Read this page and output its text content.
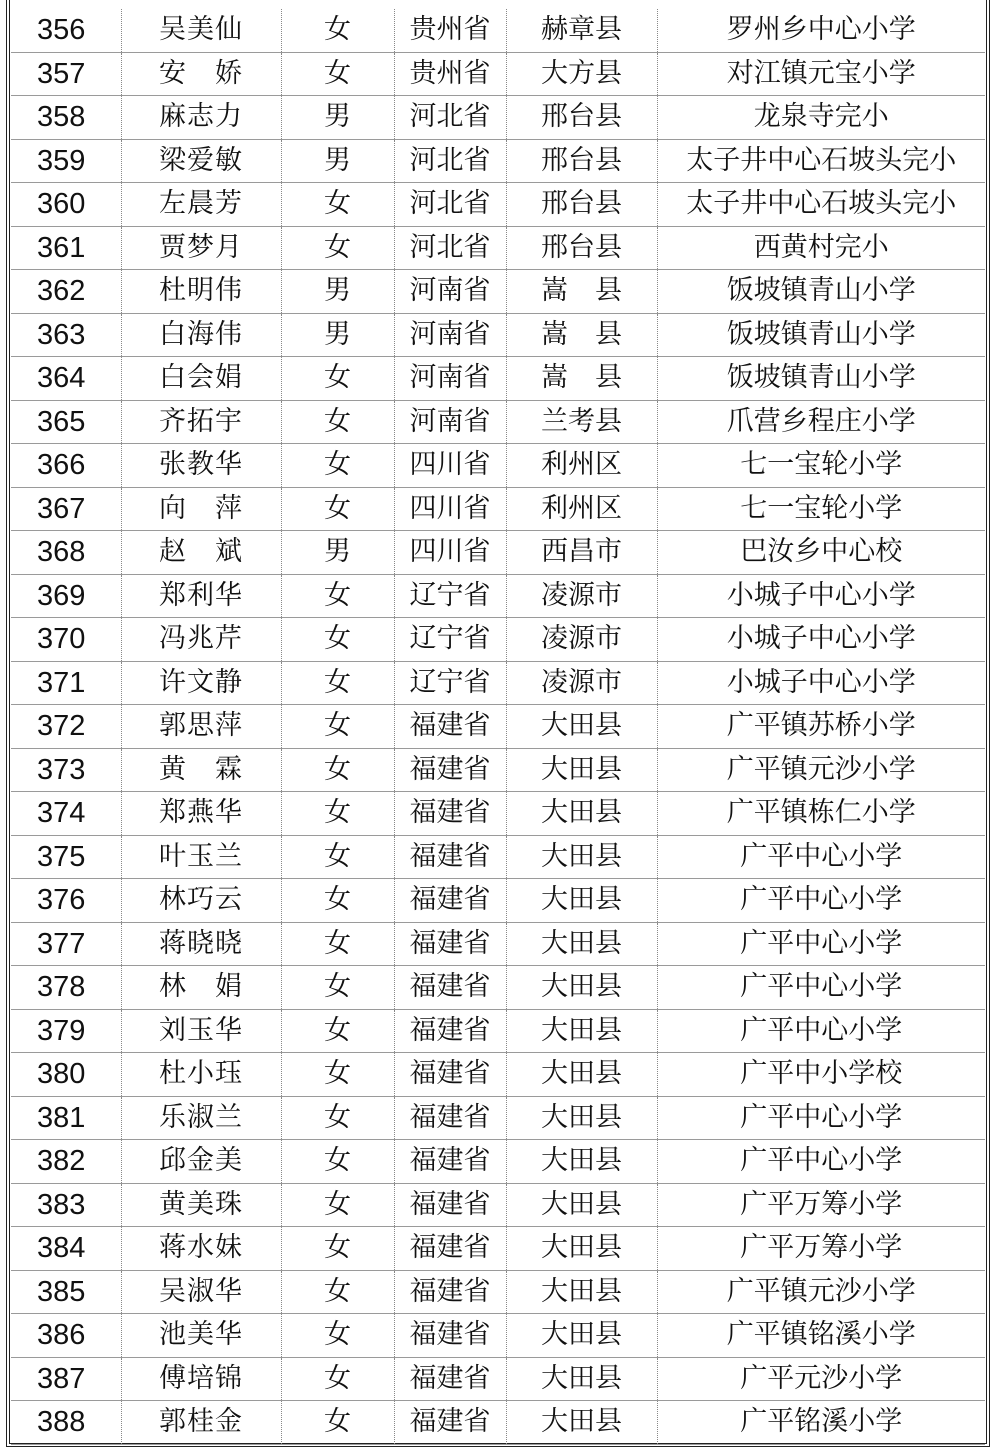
356	吴美仙	女	贵州省	赫章县	罗州乡中心小学
357	安　娇	女	贵州省	大方县	对江镇元宝小学
358	麻志力	男	河北省	邢台县	龙泉寺完小
359	梁爱敏	男	河北省	邢台县	太子井中心石坡头完小
360	左晨芳	女	河北省	邢台县	太子井中心石坡头完小
361	贾梦月	女	河北省	邢台县	西黄村完小
362	杜明伟	男	河南省	嵩　县	饭坡镇青山小学
363	白海伟	男	河南省	嵩　县	饭坡镇青山小学
364	白会娟	女	河南省	嵩　县	饭坡镇青山小学
365	齐拓宇	女	河南省	兰考县	爪营乡程庄小学
366	张教华	女	四川省	利州区	七一宝轮小学
367	向　萍	女	四川省	利州区	七一宝轮小学
368	赵　斌	男	四川省	西昌市	巴汝乡中心校
369	郑利华	女	辽宁省	凌源市	小城子中心小学
370	冯兆芹	女	辽宁省	凌源市	小城子中心小学
371	许文静	女	辽宁省	凌源市	小城子中心小学
372	郭思萍	女	福建省	大田县	广平镇苏桥小学
373	黄　霖	女	福建省	大田县	广平镇元沙小学
374	郑燕华	女	福建省	大田县	广平镇栋仁小学
375	叶玉兰	女	福建省	大田县	广平中心小学
376	林巧云	女	福建省	大田县	广平中心小学
377	蒋晓晓	女	福建省	大田县	广平中心小学
378	林　娟	女	福建省	大田县	广平中心小学
379	刘玉华	女	福建省	大田县	广平中心小学
380	杜小珏	女	福建省	大田县	广平中小学校
381	乐淑兰	女	福建省	大田县	广平中心小学
382	邱金美	女	福建省	大田县	广平中心小学
383	黄美珠	女	福建省	大田县	广平万筹小学
384	蒋水妹	女	福建省	大田县	广平万筹小学
385	吴淑华	女	福建省	大田县	广平镇元沙小学
386	池美华	女	福建省	大田县	广平镇铭溪小学
387	傅培锦	女	福建省	大田县	广平元沙小学
388	郭桂金	女	福建省	大田县	广平铭溪小学
